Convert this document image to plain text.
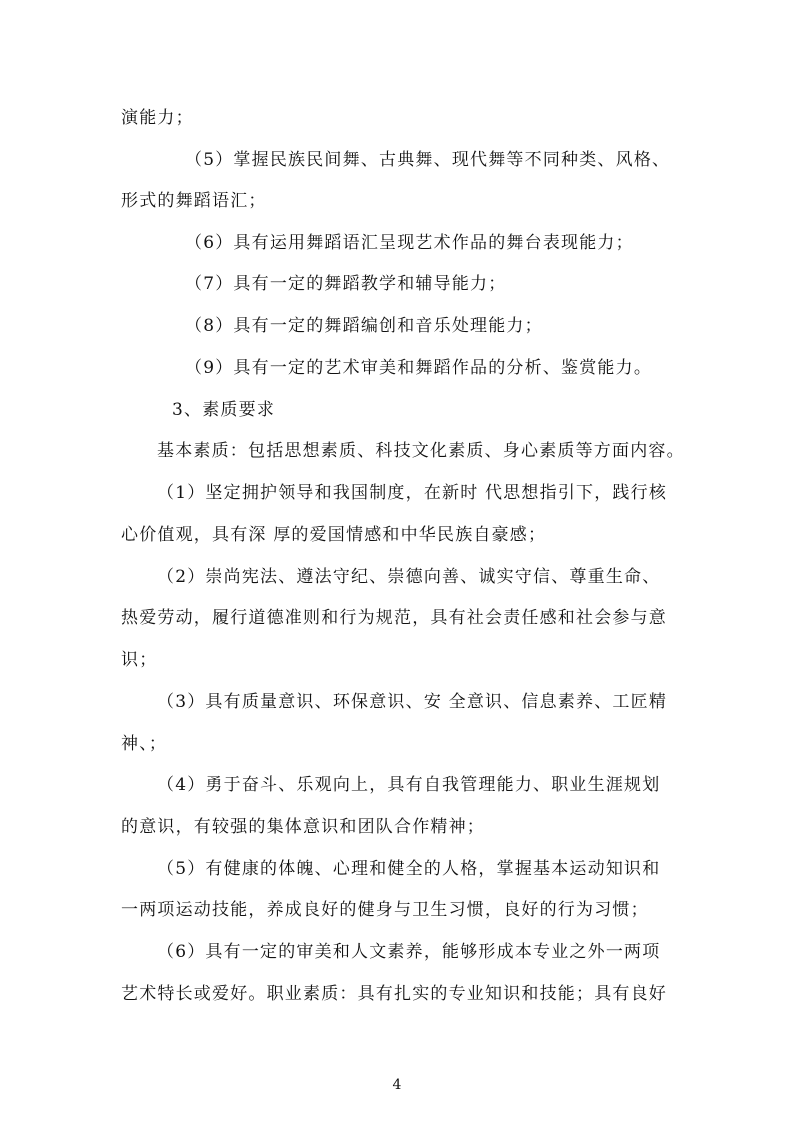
演能力；
（5）掌握民族民间舞、古典舞、现代舞等不同种类、风格、
形式的舞蹈语汇；
（6）具有运用舞蹈语汇呈现艺术作品的舞台表现能力；
（7）具有一定的舞蹈教学和辅导能力；
（8）具有一定的舞蹈编创和音乐处理能力；
（9）具有一定的艺术审美和舞蹈作品的分析、鉴赏能力。
3、素质要求
基本素质：包括思想素质、科技文化素质、身心素质等方面内容。
（1）坚定拥护领导和我国制度，在新时 代思想指引下，践行核
心价值观，具有深 厚的爱国情感和中华民族自豪感；
（2）崇尚宪法、遵法守纪、崇德向善、诚实守信、尊重生命、
热爱劳动，履行道德准则和行为规范，具有社会责任感和社会参与意
识；
（3）具有质量意识、环保意识、安 全意识、信息素养、工匠精
神、；
（4）勇于奋斗、乐观向上，具有自我管理能力、职业生涯规划
的意识，有较强的集体意识和团队合作精神；
（5）有健康的体魄、心理和健全的人格，掌握基本运动知识和
一两项运动技能，养成良好的健身与卫生习惯，良好的行为习惯；
（6）具有一定的审美和人文素养，能够形成本专业之外一两项
艺术特长或爱好。职业素质：具有扎实的专业知识和技能；具有良好
4
